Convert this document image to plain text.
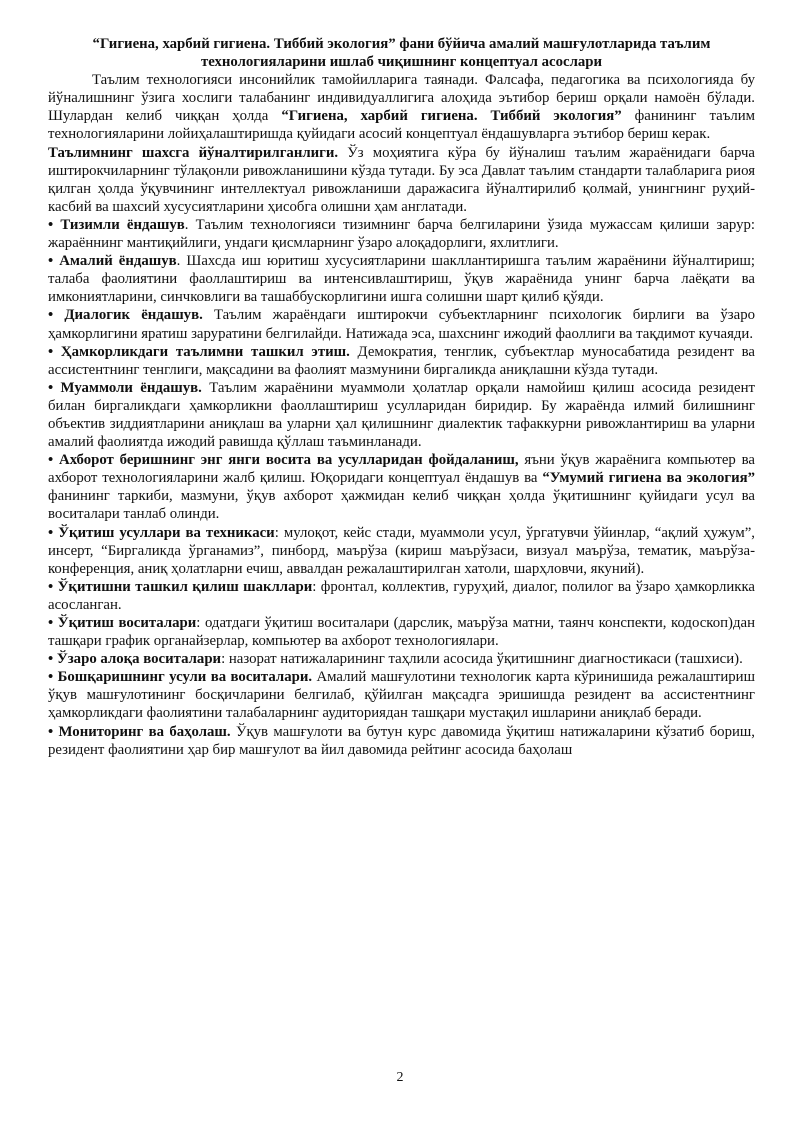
“Гигиена, харбий гигиена. Тиббий экология” фани бўйича амалий машғулотларида таълим технологияларини ишлаб чиқишнинг концептуал асослари

Таълим технологияси инсонийлик тамойилларига таянади. Фалсафа, педагогика ва психологияда бу йўналишнинг ўзига хослиги талабанинг индивидуаллигига алоҳида эътибор бериш орқали намоён бўлади. Шулардан келиб чиққан ҳолда “Гигиена, харбий гигиена. Тиббий экология” фанининг таълим технологияларини лойиҳалаштиришда қуйидаги асосий концептуал ёндашувларга эътибор бериш керак.

Таълимнинг шахсга йўналтирилганлиги. Ўз моҳиятига кўра бу йўналиш таълим жараёнидаги барча иштирокчиларнинг тўлақонли ривожланишини кўзда тутади. Бу эса Давлат таълим стандарти талабларига риоя қилган ҳолда ўқувчининг интеллектуал ривожланиши даражасига йўналтирилиб қолмай, унингнинг руҳий-касбий ва шахсий хусусиятларини ҳисобга олишни ҳам англатади.

• Тизимли ёндашув. Таълим технологияси тизимнинг барча белгиларини ўзида мужассам қилиши зарур: жараённинг мантиқийлиги, ундаги қисмларнинг ўзаро алоқадорлиги, яхлитлиги.

• Амалий ёндашув. Шахсда иш юритиш хусусиятларини шакллантиришга таълим жараёнини йўналтириш; талаба фаолиятини фаоллаштириш ва интенсивлаштириш, ўқув жараёнида унинг барча лаёқати ва имкониятларини, синчковлиги ва ташаббускорлигини ишга солишни шарт қилиб қўяди.

• Диалогик ёндашув. Таълим жараёндаги иштирокчи субъектларнинг психологик бирлиги ва ўзаро ҳамкорлигини яратиш заруратини белгилайди. Натижада эса, шахснинг ижодий фаоллиги ва тақдимот кучаяди.

• Ҳамкорликдаги таълимни ташкил этиш. Демократия, тенглик, субъектлар муносабатида резидент ва ассистентнинг тенглиги, мақсадини ва фаолият мазмунини биргаликда аниқлашни кўзда тутади.

• Муаммоли ёндашув. Таълим жараёнини муаммоли ҳолатлар орқали намойиш қилиш асосида резидент билан биргаликдаги ҳамкорликни фаоллаштириш усулларидан биридир. Бу жараёнда илмий билишнинг объектив зиддиятларини аниқлаш ва уларни ҳал қилишнинг диалектик тафаккурни ривожлантириш ва уларни амалий фаолиятда ижодий равишда қўллаш таъминланади.

• Ахборот беришнинг энг янги восита ва усулларидан фойдаланиш, яъни ўқув жараёнига компьютер ва ахборот технологияларини жалб қилиш. Юқоридаги концептуал ёндашув ва “Умумий гигиена ва экология” фанининг таркиби, мазмуни, ўқув ахборот ҳажмидан келиб чиққан ҳолда ўқитишнинг қуйидаги усул ва воситалари танлаб олинди.

• Ўқитиш усуллари ва техникаси: мулоқот, кейс стади, муаммоли усул, ўргатувчи ўйинлар, “ақлий ҳужум”, инсерт, “Биргаликда ўрганамиз”, пинборд, маърўза (кириш маърўзаси, визуал маърўза, тематик, маърўза-конференция, аниқ ҳолатларни ечиш, аввалдан режалаштирилган хатоли, шарҳловчи, якуний).

• Ўқитишни ташкил қилиш шакллари: фронтал, коллектив, гуруҳий, диалог, полилог ва ўзаро ҳамкорликка асосланган.

• Ўқитиш воситалари: одатдаги ўқитиш воситалари (дарслик, маърўза матни, таянч конспекти, кодоскоп)дан ташқари график органайзерлар, компьютер ва ахборот технологиялари.

• Ўзаро алоқа воситалари: назорат натижаларининг таҳлили асосида ўқитишнинг диагностикаси (ташхиси).

• Бошқаришнинг усули ва воситалари. Амалий машғулотини технологик карта кўринишида режалаштириш ўқув машғулотининг босқичларини белгилаб, қўйилган мақсадга эришишда резидент ва ассистентнинг ҳамкорликдаги фаолиятини талабаларнинг аудиториядан ташқари мустақил ишларини аниқлаб беради.

• Мониторинг ва баҳолаш. Ўқув машғулоти ва бутун курс давомида ўқитиш натижаларини кўзатиб бориш, резидент фаолиятини ҳар бир машғулот ва йил давомида рейтинг асосида баҳолаш

2
